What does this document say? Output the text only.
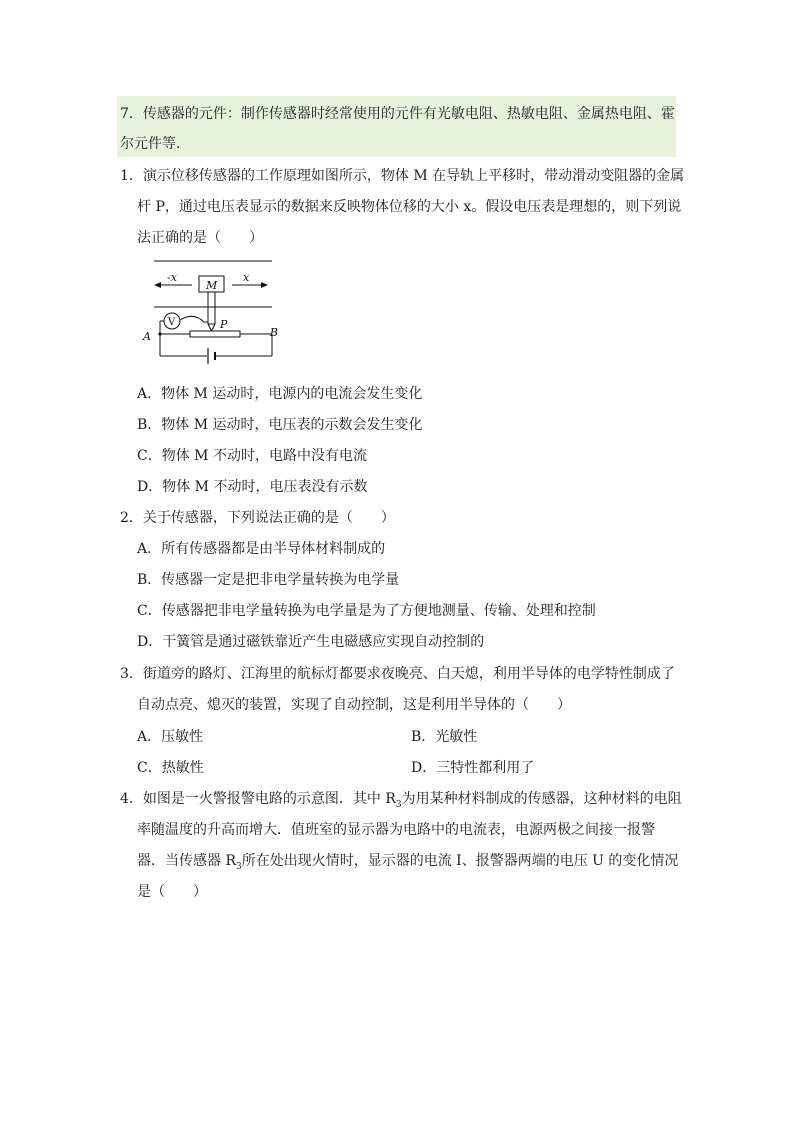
7．传感器的元件：制作传感器时经常使用的元件有光敏电阻、热敏电阻、金属热电阻、霍
尔元件等．
1．演示位移传感器的工作原理如图所示，物体 M 在导轨上平移时，带动滑动变阻器的金属
杆 P，通过电压表显示的数据来反映物体位移的大小 x。假设电压表是理想的，则下列说
法正确的是（　　）
-x	x
M
P
V
A	B
A．物体 M 运动时，电源内的电流会发生变化
B．物体 M 运动时，电压表的示数会发生变化
C．物体 M 不动时，电路中没有电流
D．物体 M 不动时，电压表没有示数
2．关于传感器，下列说法正确的是（　　）
A．所有传感器都是由半导体材料制成的
B．传感器一定是把非电学量转换为电学量
C．传感器把非电学量转换为电学量是为了方便地测量、传输、处理和控制
D．干簧管是通过磁铁靠近产生电磁感应实现自动控制的
3．街道旁的路灯、江海里的航标灯都要求夜晚亮、白天熄，利用半导体的电学特性制成了
自动点亮、熄灭的装置，实现了自动控制，这是利用半导体的（　　）
A．压敏性	B．光敏性
C．热敏性	D．三特性都利用了
4．如图是一火警报警电路的示意图．其中 $R_3$为用某种材料制成的传感器，这种材料的电阻
率随温度的升高而增大．值班室的显示器为电路中的电流表，电源两极之间接一报警
器．当传感器 $R_3$所在处出现火情时，显示器的电流 I、报警器两端的电压 U 的变化情况
是（　　）
